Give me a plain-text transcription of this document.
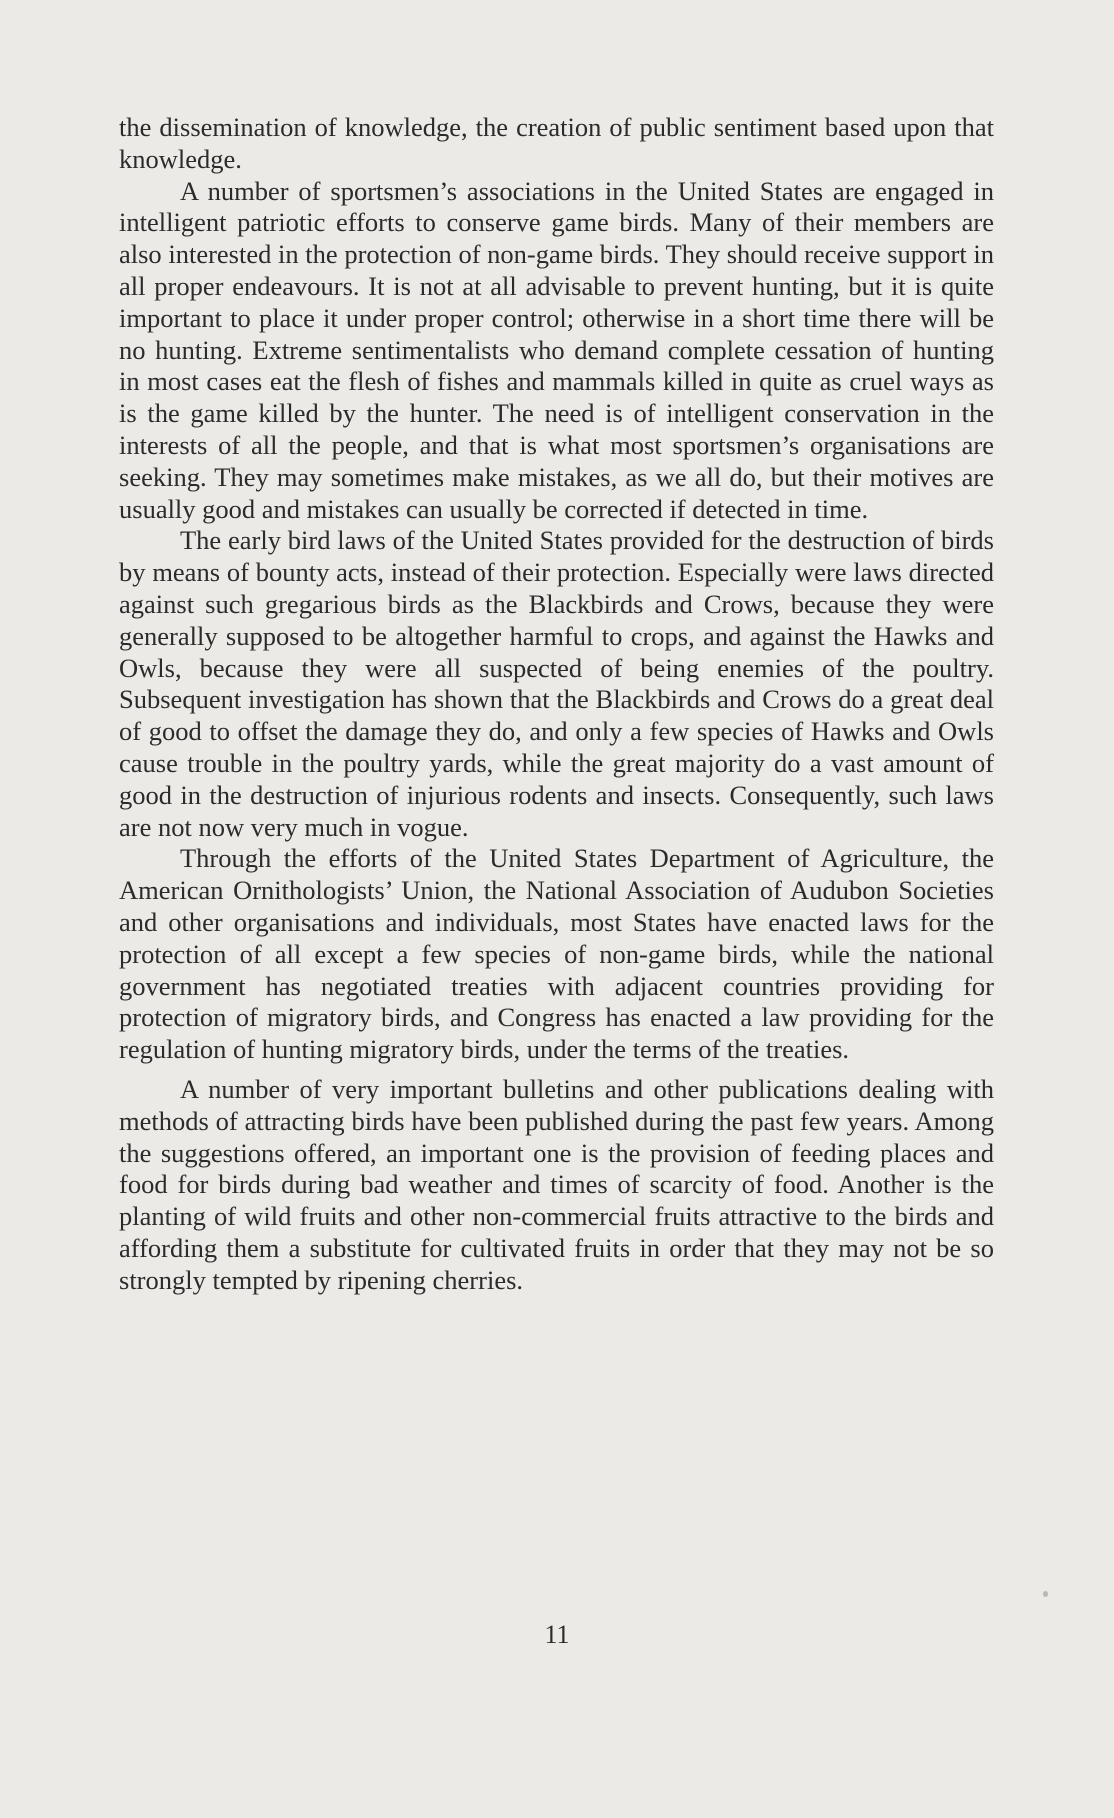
the dissemination of knowledge, the creation of public sentiment based upon that knowledge.

A number of sportsmen’s associations in the United States are engaged in intelligent patriotic efforts to conserve game birds. Many of their members are also interested in the protection of non-game birds. They should receive support in all proper endeavours. It is not at all advisable to prevent hunting, but it is quite important to place it under proper control; otherwise in a short time there will be no hunting. Extreme sentimentalists who demand complete cessation of hunting in most cases eat the flesh of fishes and mammals killed in quite as cruel ways as is the game killed by the hunter. The need is of intelligent conservation in the interests of all the people, and that is what most sportsmen’s organisations are seeking. They may sometimes make mistakes, as we all do, but their motives are usually good and mistakes can usually be corrected if detected in time.

The early bird laws of the United States provided for the destruction of birds by means of bounty acts, instead of their protection. Especially were laws directed against such gregarious birds as the Blackbirds and Crows, because they were generally supposed to be altogether harmful to crops, and against the Hawks and Owls, because they were all suspected of being enemies of the poultry. Subsequent investigation has shown that the Blackbirds and Crows do a great deal of good to offset the damage they do, and only a few species of Hawks and Owls cause trouble in the poultry yards, while the great majority do a vast amount of good in the destruction of injurious rodents and insects. Consequently, such laws are not now very much in vogue.

Through the efforts of the United States Department of Agriculture, the American Ornithologists’ Union, the National Association of Audubon Societies and other organisations and individuals, most States have enacted laws for the protection of all except a few species of non-game birds, while the national government has negotiated treaties with adjacent countries providing for protection of migratory birds, and Congress has enacted a law providing for the regulation of hunting migratory birds, under the terms of the treaties.

A number of very important bulletins and other publications dealing with methods of attracting birds have been published during the past few years. Among the suggestions offered, an important one is the provision of feeding places and food for birds during bad weather and times of scarcity of food. Another is the planting of wild fruits and other non-commercial fruits attractive to the birds and affording them a substitute for cultivated fruits in order that they may not be so strongly tempted by ripening cherries.

11
